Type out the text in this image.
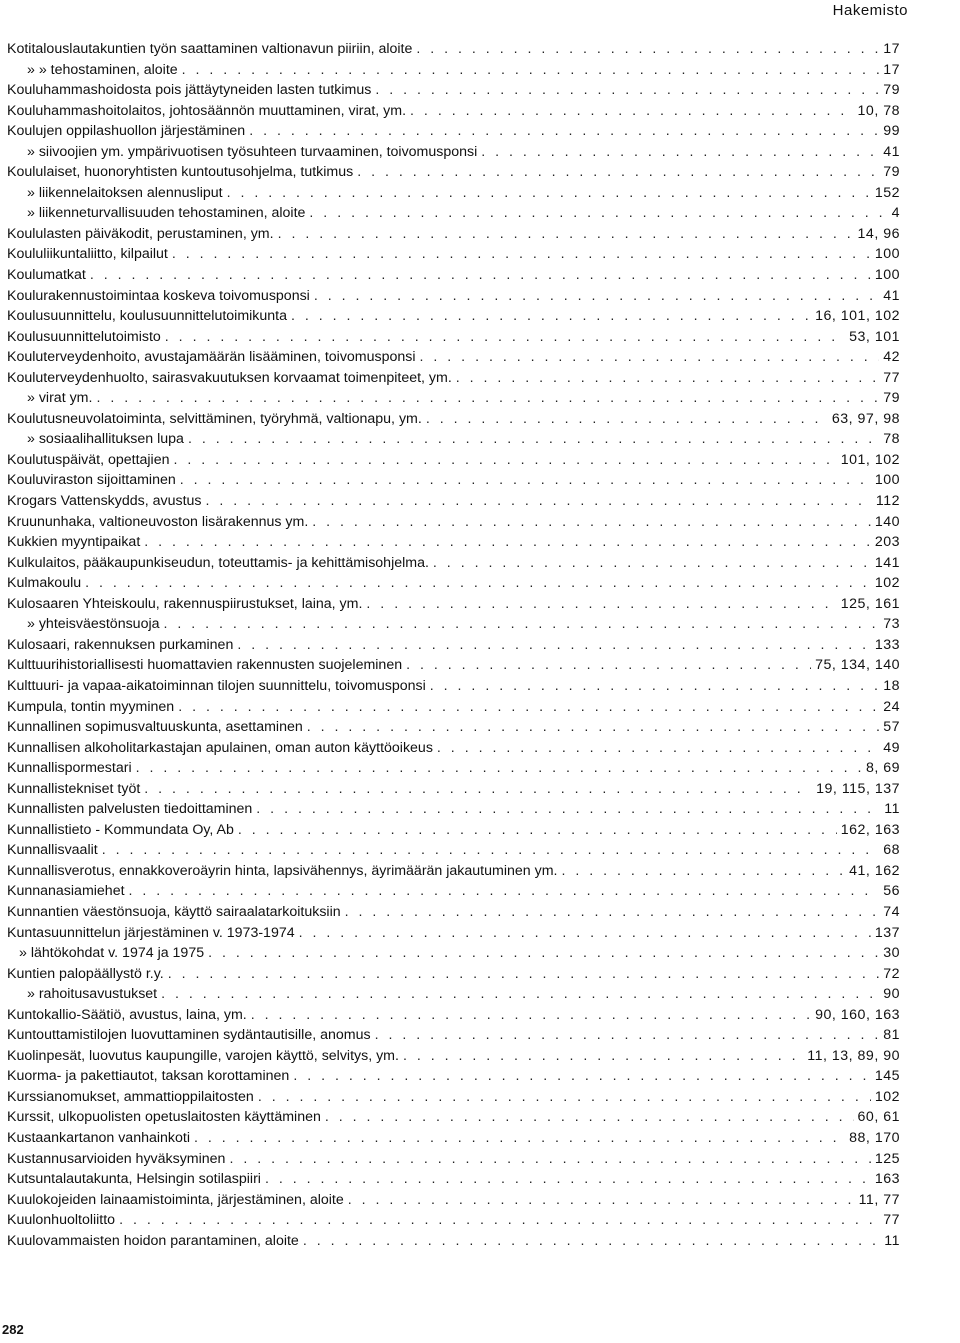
Hakemisto
Kotitalouslautakuntien työn saattaminen valtionavun piiriin, aloite . . .	17
» » tehostaminen, aloite . . .	17
Kouluhammashoidosta pois jättäytyneiden lasten tutkimus . . .	79
Kouluhammashoitolaitos, johtosäännön muuttaminen, virat, ym. . . .	10, 78
Koulujen oppilashuollon järjestäminen . . .	99
» siivoojien ym. ympärivuotisen työsuhteen turvaaminen, toivomusponsi . . .	41
Koululaiset, huonoryhtisten kuntoutusohjelma, tutkimus . . .	79
» liikennelaitoksen alennusliput . . .	152
» liikenneturvallisuuden tehostaminen, aloite . . .	4
Koululasten päiväkodit, perustaminen, ym. . . .	14, 96
Koululiikuntaliitto, kilpailut . . .	100
Koulumatkat . . .	100
Koulurakennustoimintaa koskeva toivomusponsi . . .	41
Koulusuunnittelu, koulusuunnittelutoimikunta . . .	16, 101, 102
Koulusuunnittelutoimisto . . .	53, 101
Kouluterveydenhoito, avustajamäärän lisääminen, toivomusponsi . . .	42
Kouluterveydenhuolto, sairasvakuutuksen korvaamat toimenpiteet, ym. . . .	77
» virat ym. . . .	79
Koulutusneuvolatoiminta, selvittäminen, työryhmä, valtionapu, ym. . . .	63, 97, 98
» sosiaalihallituksen lupa . . .	78
Koulutuspäivät, opettajien . . .	101, 102
Kouluviraston sijoittaminen . . .	100
Krogars Vattenskydds, avustus . . .	112
Kruununhaka, valtioneuvoston lisärakennus ym. . . .	140
Kukkien myyntipaikat . . .	203
Kulkulaitos, pääkaupunkiseudun, toteuttamis- ja kehittämisohjelma. . . .	141
Kulmakoulu . . .	102
Kulosaaren Yhteiskoulu, rakennuspiirustukset, laina, ym. . . .	125, 161
» yhteisväestönsuoja . . .	73
Kulosaari, rakennuksen purkaminen . . .	133
Kulttuurihistoriallisesti huomattavien rakennusten suojeleminen . . .	75, 134, 140
Kulttuuri- ja vapaa-aikatoiminnan tilojen suunnittelu, toivomusponsi . . .	18
Kumpula, tontin myyminen . . .	24
Kunnallinen sopimusvaltuuskunta, asettaminen . . .	57
Kunnallisen alkoholitarkastajan apulainen, oman auton käyttöoikeus . . .	49
Kunnallispormestari . . .	8, 69
Kunnallistekniset työt . . .	19, 115, 137
Kunnallisten palvelusten tiedoittaminen . . .	11
Kunnallistieto - Kommundata Oy, Ab . . .	162, 163
Kunnallisvaalit . . .	68
Kunnallisverotus, ennakkoveroäyrin hinta, lapsivähennys, äyrimäärän jakautuminen ym. . . .	41, 162
Kunnanasiamiehet . . .	56
Kunnantien väestönsuoja, käyttö sairaalatarkoituksiin . . .	74
Kuntasuunnittelun järjestäminen v. 1973-1974 . . .	137
» lähtökohdat v. 1974 ja 1975 . . .	30
Kuntien palopäällystö r.y. . . .	72
» rahoitusavustukset . . .	90
Kuntokallio-Säätiö, avustus, laina, ym. . . .	90, 160, 163
Kuntouttamistilojen luovuttaminen sydäntautisille, anomus . . .	81
Kuolinpesät, luovutus kaupungille, varojen käyttö, selvitys, ym. . . .	11, 13, 89, 90
Kuorma- ja pakettiautot, taksan korottaminen . . .	145
Kurssianomukset, ammattioppilaitosten . . .	102
Kurssit, ulkopuolisten opetuslaitosten käyttäminen . . .	60, 61
Kustaankartanon vanhainkoti . . .	88, 170
Kustannusarvioiden hyväksyminen . . .	125
Kutsuntalautakunta, Helsingin sotilaspiiri . . .	163
Kuulokojeiden lainaamistoiminta, järjestäminen, aloite . . .	11, 77
Kuulonhuoltoliitto . . .	77
Kuulovammaisten hoidon parantaminen, aloite . . .	11
282
